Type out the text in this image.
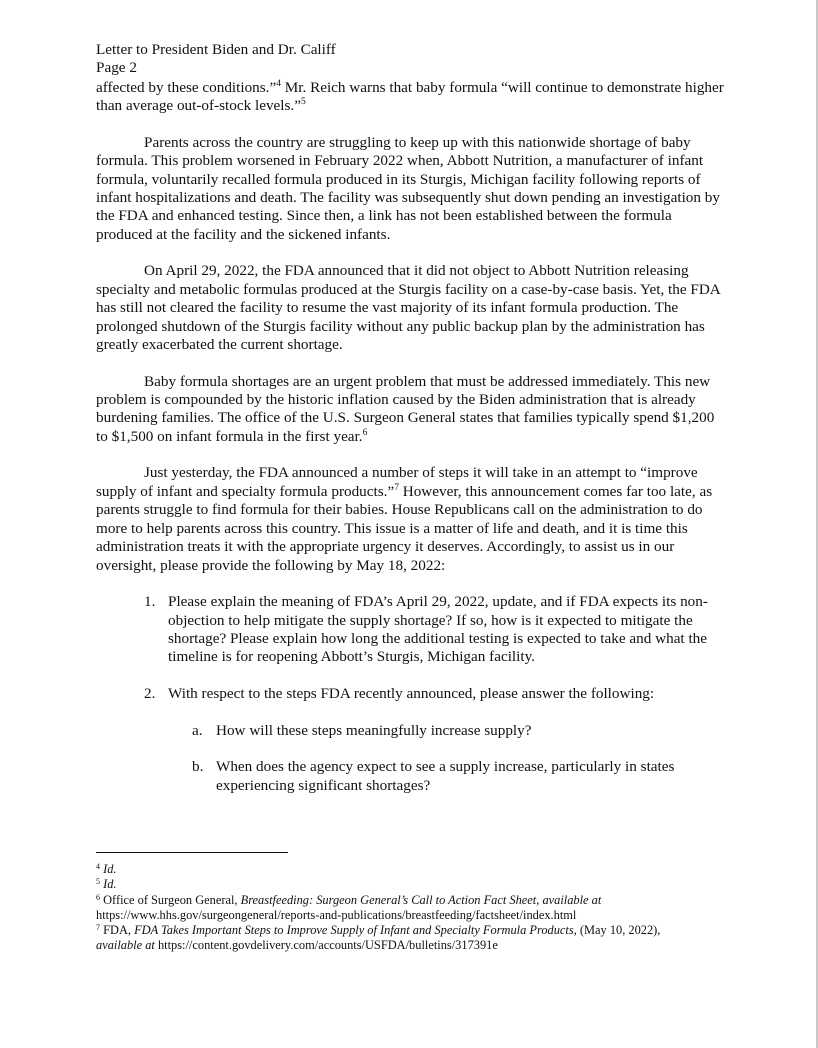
Letter to President Biden and Dr. Califf
Page 2

affected by these conditions.”$^4$ Mr. Reich warns that baby formula “will continue to demonstrate higher than average out-of-stock levels.”$^5$

Parents across the country are struggling to keep up with this nationwide shortage of baby formula. This problem worsened in February 2022 when, Abbott Nutrition, a manufacturer of infant formula, voluntarily recalled formula produced in its Sturgis, Michigan facility following reports of infant hospitalizations and death. The facility was subsequently shut down pending an investigation by the FDA and enhanced testing. Since then, a link has not been established between the formula produced at the facility and the sickened infants.

On April 29, 2022, the FDA announced that it did not object to Abbott Nutrition releasing specialty and metabolic formulas produced at the Sturgis facility on a case-by-case basis. Yet, the FDA has still not cleared the facility to resume the vast majority of its infant formula production. The prolonged shutdown of the Sturgis facility without any public backup plan by the administration has greatly exacerbated the current shortage.

Baby formula shortages are an urgent problem that must be addressed immediately. This new problem is compounded by the historic inflation caused by the Biden administration that is already burdening families. The office of the U.S. Surgeon General states that families typically spend $1,200 to $1,500 on infant formula in the first year.$^6$

Just yesterday, the FDA announced a number of steps it will take in an attempt to “improve supply of infant and specialty formula products.”$^7$ However, this announcement comes far too late, as parents struggle to find formula for their babies. House Republicans call on the administration to do more to help parents across this country. This issue is a matter of life and death, and it is time this administration treats it with the appropriate urgency it deserves. Accordingly, to assist us in our oversight, please provide the following by May 18, 2022:

1. Please explain the meaning of FDA’s April 29, 2022, update, and if FDA expects its non-objection to help mitigate the supply shortage? If so, how is it expected to mitigate the shortage? Please explain how long the additional testing is expected to take and what the timeline is for reopening Abbott’s Sturgis, Michigan facility.
2. With respect to the steps FDA recently announced, please answer the following:
a. How will these steps meaningfully increase supply?
b. When does the agency expect to see a supply increase, particularly in states experiencing significant shortages?
$^4$ Id.
$^5$ Id.
$^6$ Office of Surgeon General, Breastfeeding: Surgeon General’s Call to Action Fact Sheet, available at
https://www.hhs.gov/surgeongeneral/reports-and-publications/breastfeeding/factsheet/index.html
$^7$ FDA, FDA Takes Important Steps to Improve Supply of Infant and Specialty Formula Products, (May 10, 2022),
available at https://content.govdelivery.com/accounts/USFDA/bulletins/317391e
